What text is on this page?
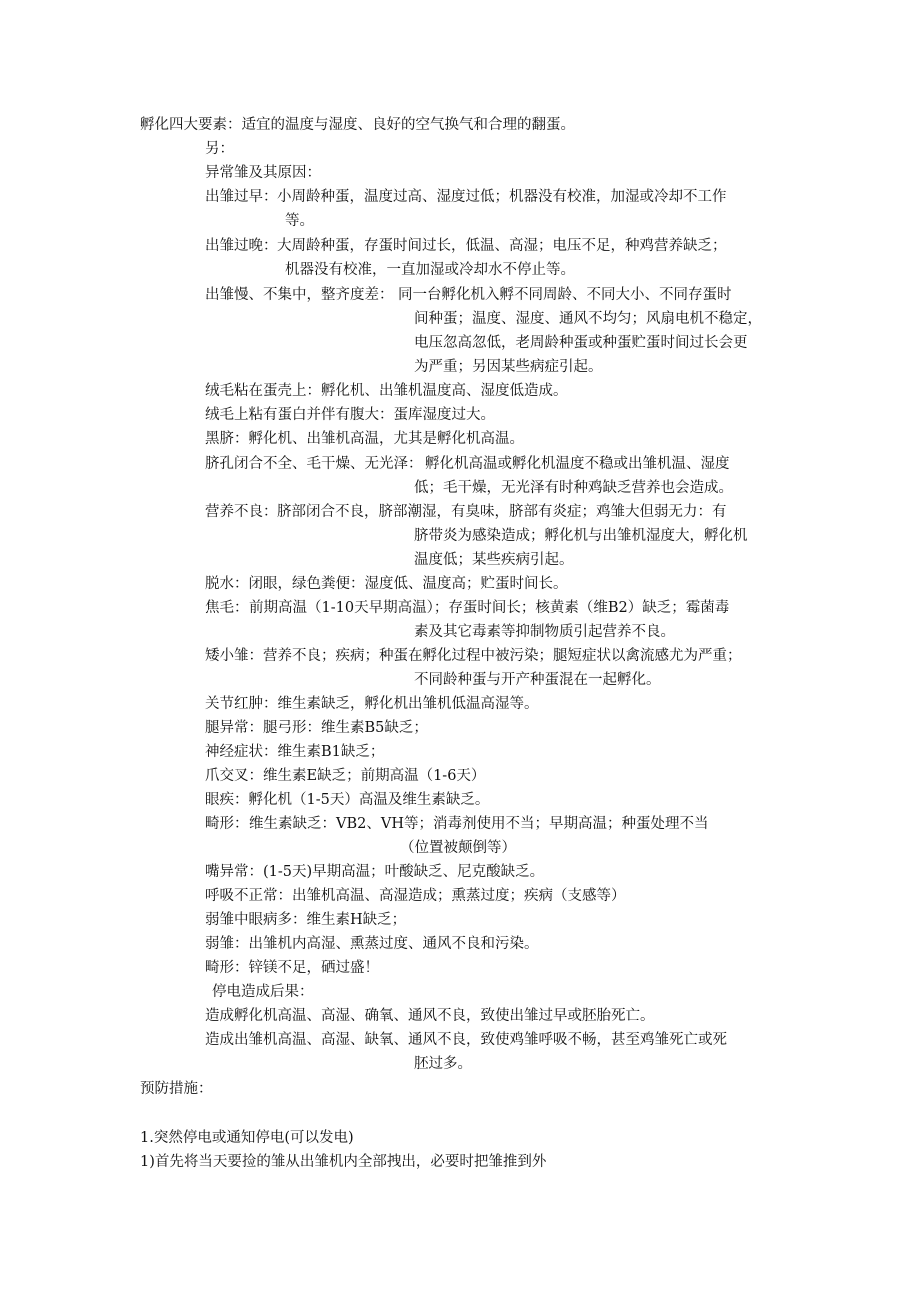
孵化四大要素：适宜的温度与湿度、良好的空气换气和合理的翻蛋。
另：
异常雏及其原因：
出雏过早： 小周龄种蛋，温度过高、湿度过低；机器没有校准，加湿或冷却不工作
等。
出雏过晚： 大周龄种蛋，存蛋时间过长，低温、高湿；电压不足，种鸡营养缺乏；
机器没有校准，一直加湿或冷却水不停止等。
出雏慢、不集中，整齐度差： 同一台孵化机入孵不同周龄、不同大小、不同存蛋时
间种蛋；温度、湿度、通风不均匀；风扇电机不稳定，
电压忽高忽低，老周龄种蛋或种蛋贮蛋时间过长会更
为严重；另因某些病症引起。
绒毛粘在蛋壳上：孵化机、出雏机温度高、湿度低造成。
绒毛上粘有蛋白并伴有腹大：蛋库湿度过大。
黑脐：孵化机、出雏机高温，尤其是孵化机高温。
脐孔闭合不全、毛干燥、无光泽： 孵化机高温或孵化机温度不稳或出雏机温、湿度
低；毛干燥，无光泽有时种鸡缺乏营养也会造成。
营养不良： 脐部闭合不良，脐部潮湿，有臭味，脐部有炎症；鸡雏大但弱无力：有
脐带炎为感染造成；孵化机与出雏机湿度大，孵化机
温度低；某些疾病引起。
脱水：闭眼，绿色粪便：湿度低、温度高；贮蛋时间长。
焦毛： 前期高温（1-10天早期高温）；存蛋时间长；核黄素（维B2）缺乏；霉菌毒
素及其它毒素等抑制物质引起营养不良。
矮小雏： 营养不良；疾病；种蛋在孵化过程中被污染；腿短症状以禽流感尤为严重；
不同龄种蛋与开产种蛋混在一起孵化。
关节红肿：维生素缺乏，孵化机出雏机低温高湿等。
腿异常：腿弓形：维生素B5缺乏；
神经症状：维生素B1缺乏；
爪交叉：维生素E缺乏；前期高温（1-6天）
眼疾：孵化机（1-5天）高温及维生素缺乏。
畸形： 维生素缺乏：VB2、VH等；消毒剂使用不当；早期高温；种蛋处理不当
（位置被颠倒等）
嘴异常：(1-5天)早期高温；叶酸缺乏、尼克酸缺乏。
呼吸不正常：出雏机高温、高湿造成；熏蒸过度；疾病（支感等）
弱雏中眼病多：维生素H缺乏；
弱雏：出雏机内高湿、熏蒸过度、通风不良和污染。
畸形：锌镁不足，硒过盛！
停电造成后果：
造成孵化机高温、高湿、确氧、通风不良，致使出雏过早或胚胎死亡。
造成出雏机高温、高湿、缺氧、通风不良，致使鸡雏呼吸不畅，甚至鸡雏死亡或死
胚过多。
预防措施：
1.突然停电或通知停电(可以发电)
1)首先将当天要捡的雏从出雏机内全部拽出，必要时把雏推到外
